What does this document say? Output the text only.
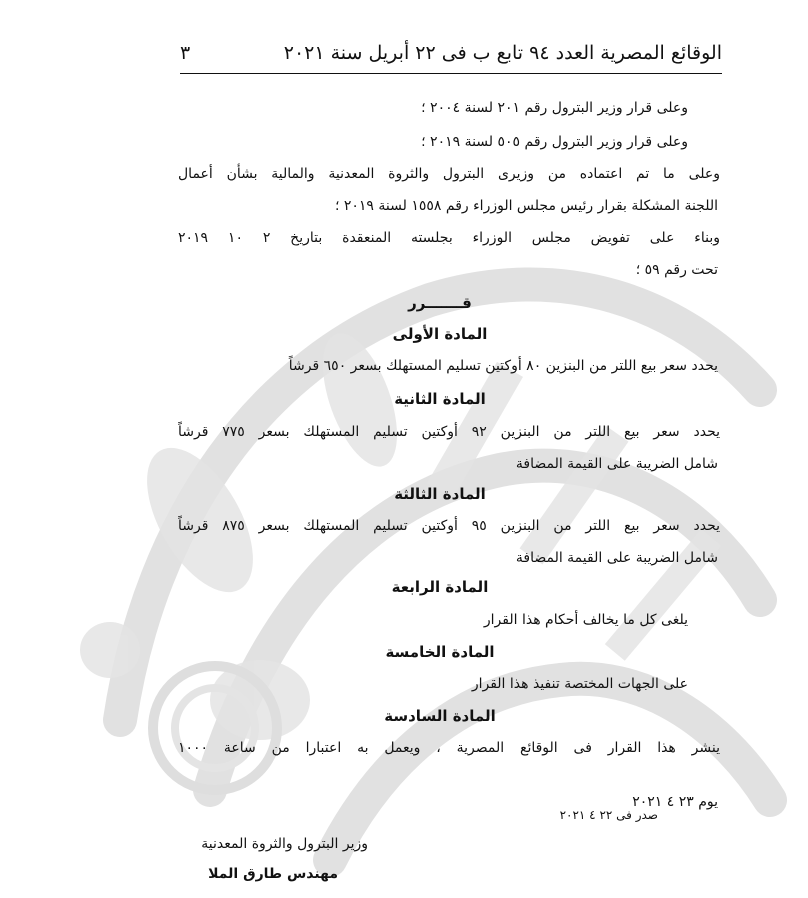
الوقائع المصرية العدد ٩٤ تابع ب فى ٢٢ أبريل سنة ٢٠٢١
٣
وعلى قرار وزير البترول رقم ٢٠١ لسنة ٢٠٠٤ ؛
وعلى قرار وزير البترول رقم ٥٠٥ لسنة ٢٠١٩ ؛
وعلى ما تم اعتماده من وزيرى البترول والثروة المعدنية والمالية بشأن أعمال
اللجنة المشكلة بقرار رئيس مجلس الوزراء رقم ١٥٥٨ لسنة ٢٠١٩ ؛
وبناء على تفويض مجلس الوزراء بجلسته المنعقدة بتاريخ ٢ ١٠ ٢٠١٩
تحت رقم ٥٩ ؛
قـــــــرر
المادة الأولى
يحدد سعر بيع اللتر من البنزين ٨٠ أوكتين تسليم المستهلك بسعر ٦٥٠ قرشاً
المادة الثانية
يحدد سعر بيع اللتر من البنزين ٩٢ أوكتين تسليم المستهلك بسعر ٧٧٥ قرشاً
شامل الضريبة على القيمة المضافة
المادة الثالثة
يحدد سعر بيع اللتر من البنزين ٩٥ أوكتين تسليم المستهلك بسعر ٨٧٥ قرشاً
شامل الضريبة على القيمة المضافة
المادة الرابعة
يلغى كل ما يخالف أحكام هذا القرار
المادة الخامسة
على الجهات المختصة تنفيذ هذا القرار
المادة السادسة
ينشر هذا القرار فى الوقائع المصرية ، ويعمل به اعتبارا من ساعة ١٠٠٠
يوم ٢٣ ٤ ٢٠٢١
صدر فى ٢٢ ٤ ٢٠٢١
وزير البترول والثروة المعدنية
مهندس طارق الملا
